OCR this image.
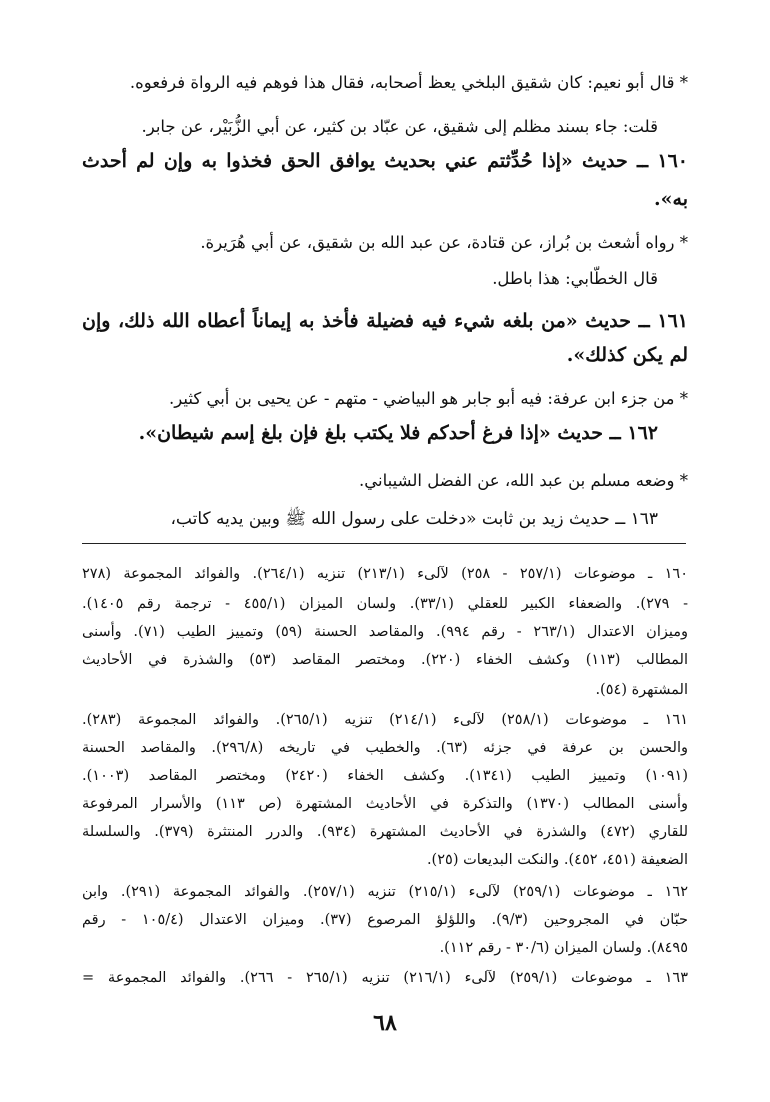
* قال أبو نعيم: كان شقيق البلخي يعظ أصحابه، فقال هذا فوهم فيه الرواة فرفعوه.
قلت: جاء بسند مظلم إلى شقيق، عن عبّاد بن كثير، عن أبي الزُّبَيْر، عن جابر.
١٦٠ ــ حديث «إذا حُدِّثتم عني بحديث يوافق الحق فخذوا به وإن لم أحدث
به».
* رواه أشعث بن بُراز، عن قتادة، عن عبد الله بن شقيق، عن أبي هُرَيرة.
قال الخطّابي: هذا باطل.
١٦١ ــ حديث «من بلغه شيء فيه فضيلة فأخذ به إيماناً أعطاه الله ذلك، وإن
لم يكن كذلك».
* من جزء ابن عرفة: فيه أبو جابر هو البياضي - متهم - عن يحيى بن أبي كثير.
١٦٢ ــ حديث «إذا فرغ أحدكم فلا يكتب بلغ فإن بلغ إسم شيطان».
* وضعه مسلم بن عبد الله، عن الفضل الشيباني.
١٦٣ ــ حديث زيد بن ثابت «دخلت على رسول الله ﷺ وبين يديه كاتب،
١٦٠ ـ موضوعات (٢٥٧/١ - ٢٥٨) لآلىء (٢١٣/١) تنزيه (٢٦٤/١). والفوائد المجموعة (٢٧٨
- ٢٧٩). والضعفاء الكبير للعقلي (٣٣/١). ولسان الميزان (٤٥٥/١ - ترجمة رقم ١٤٠٥).
وميزان الاعتدال (٢٦٣/١ - رقم ٩٩٤). والمقاصد الحسنة (٥٩) وتمييز الطيب (٧١). وأسنى
المطالب (١١٣) وكشف الخفاء (٢٢٠). ومختصر المقاصد (٥٣) والشذرة في الأحاديث
المشتهرة (٥٤).
١٦١ ـ موضوعات (٢٥٨/١) لآلىء (٢١٤/١) تنزيه (٢٦٥/١). والفوائد المجموعة (٢٨٣).
والحسن بن عرفة في جزئه (٦٣). والخطيب في تاريخه (٢٩٦/٨). والمقاصد الحسنة
(١٠٩١) وتمييز الطيب (١٣٤١). وكشف الخفاء (٢٤٢٠) ومختصر المقاصد (١٠٠٣).
وأسنى المطالب (١٣٧٠) والتذكرة في الأحاديث المشتهرة (ص ١١٣) والأسرار المرفوعة
للقاري (٤٧٢) والشذرة في الأحاديث المشتهرة (٩٣٤). والدرر المنتثرة (٣٧٩). والسلسلة
الضعيفة (٤٥١، ٤٥٢). والنكت البديعات (٢٥).
١٦٢ ـ موضوعات (٢٥٩/١) لآلىء (٢١٥/١) تنزيه (٢٥٧/١). والفوائد المجموعة (٢٩١). وابن
حبّان في المجروحين (٩/٣). واللؤلؤ المرصوع (٣٧). وميزان الاعتدال (١٠٥/٤ - رقم
٨٤٩٥). ولسان الميزان (٣٠/٦ - رقم ١١٢).
١٦٣ ـ موضوعات (٢٥٩/١) لآلىء (٢١٦/١) تنزيه (٢٦٥/١ - ٢٦٦). والفوائد المجموعة =
٦٨
